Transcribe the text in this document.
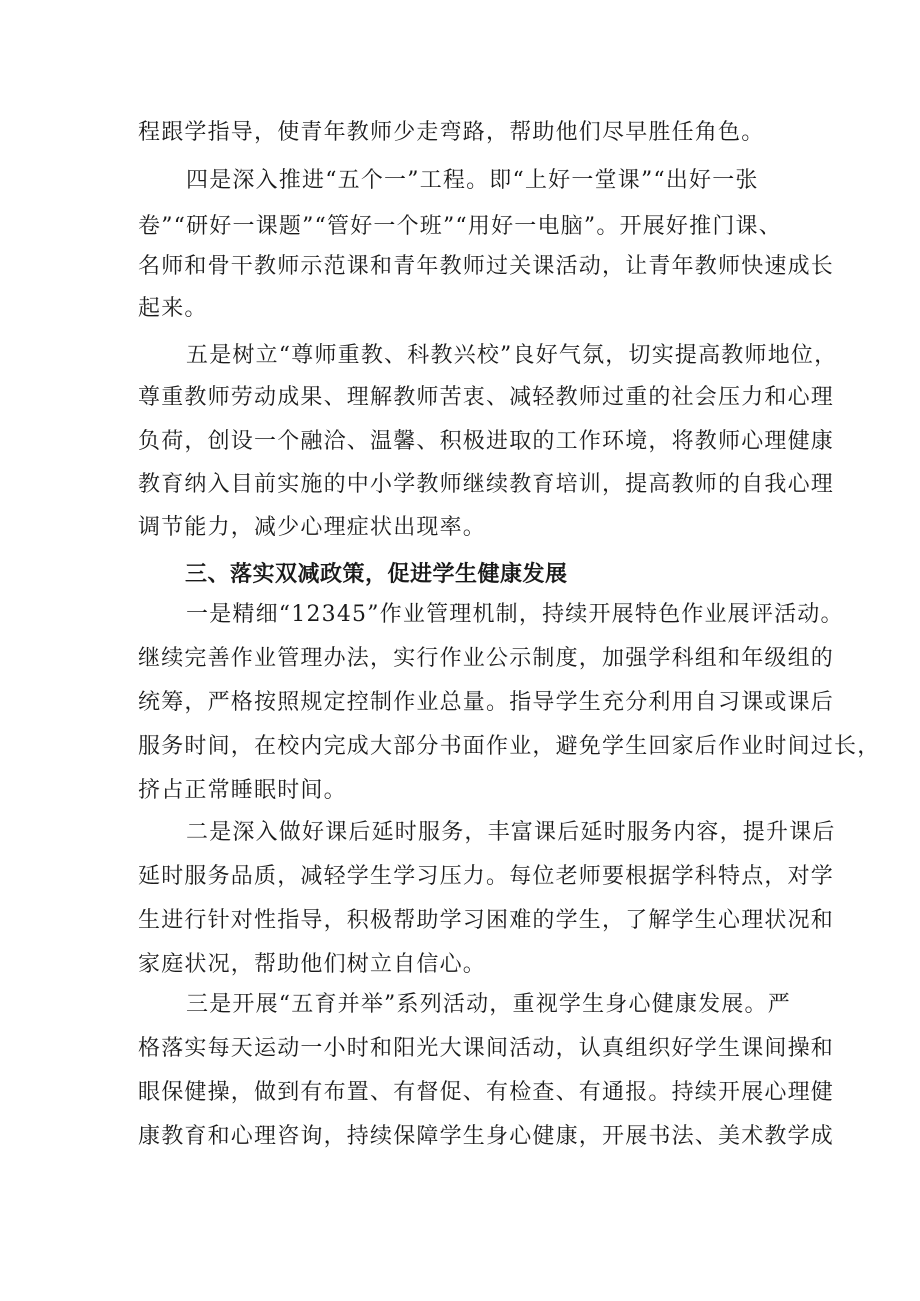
程跟学指导，使青年教师少走弯路，帮助他们尽早胜任角色。
四是深入推进“五个一”工程。即“上好一堂课”“出好一张
卷”“研好一课题”“管好一个班”“用好一电脑”。开展好推门课、
名师和骨干教师示范课和青年教师过关课活动，让青年教师快速成长
起来。
五是树立“尊师重教、科教兴校”良好气氛，切实提高教师地位，
尊重教师劳动成果、理解教师苦衷、减轻教师过重的社会压力和心理
负荷，创设一个融洽、温馨、积极进取的工作环境，将教师心理健康
教育纳入目前实施的中小学教师继续教育培训，提高教师的自我心理
调节能力，减少心理症状出现率。
三、落实双减政策，促进学生健康发展
一是精细“12345”作业管理机制，持续开展特色作业展评活动。
继续完善作业管理办法，实行作业公示制度，加强学科组和年级组的
统筹，严格按照规定控制作业总量。指导学生充分利用自习课或课后
服务时间，在校内完成大部分书面作业，避免学生回家后作业时间过长，
挤占正常睡眠时间。
二是深入做好课后延时服务，丰富课后延时服务内容，提升课后
延时服务品质，减轻学生学习压力。每位老师要根据学科特点，对学
生进行针对性指导，积极帮助学习困难的学生，了解学生心理状况和
家庭状况，帮助他们树立自信心。
三是开展“五育并举”系列活动，重视学生身心健康发展。严
格落实每天运动一小时和阳光大课间活动，认真组织好学生课间操和
眼保健操，做到有布置、有督促、有检查、有通报。持续开展心理健
康教育和心理咨询，持续保障学生身心健康，开展书法、美术教学成
